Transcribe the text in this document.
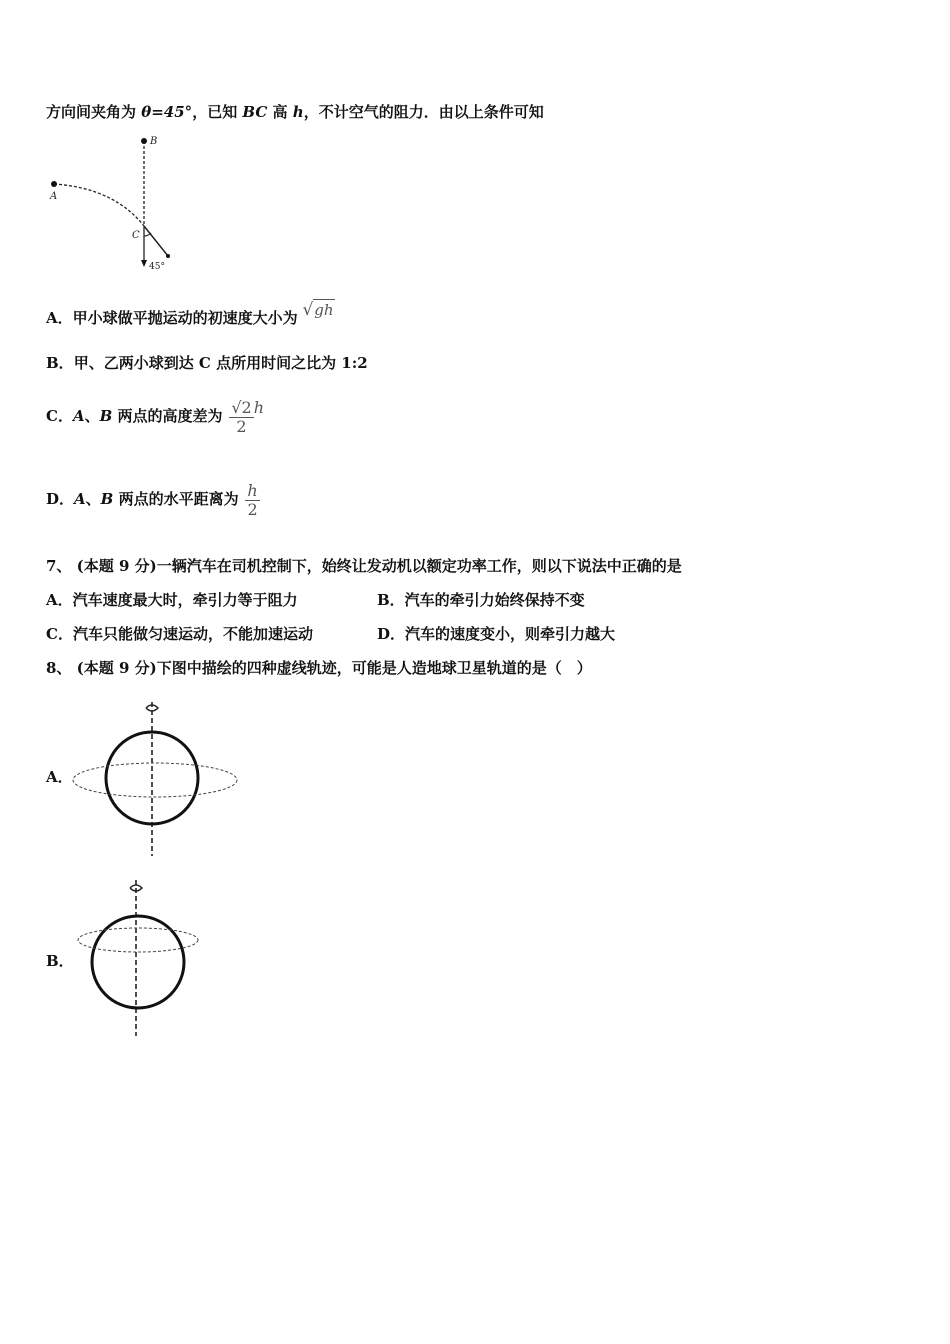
方向间夹角为 θ=45°，已知 BC 高 h，不计空气的阻力．由以上条件可知
B
A
C
45°
A．甲小球做平抛运动的初速度大小为 √gh
B．甲、乙两小球到达 C 点所用时间之比为 1:2
C．A、B 两点的高度差为 $\frac{√2}{2}$ h
D．A、B 两点的水平距离为 $\frac{h}{2}$
7、 (本题 9 分)一辆汽车在司机控制下，始终让发动机以额定功率工作，则以下说法中正确的是
A．汽车速度最大时，牵引力等于阻力	B．汽车的牵引力始终保持不变
C．汽车只能做匀速运动，不能加速运动	D．汽车的速度变小，则牵引力越大
8、 (本题 9 分)下图中描绘的四种虚线轨迹，可能是人造地球卫星轨道的是（　）
A．
B．
